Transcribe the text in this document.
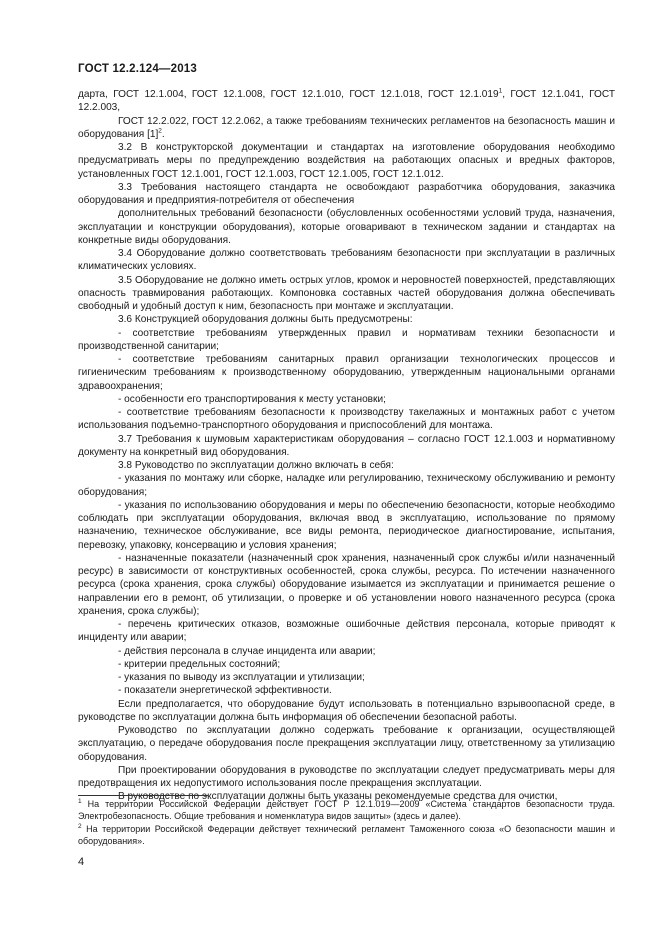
ГОСТ 12.2.124—2013

дарта, ГОСТ 12.1.004, ГОСТ 12.1.008, ГОСТ 12.1.010, ГОСТ 12.1.018, ГОСТ 12.1.019$^1$, ГОСТ 12.1.041, ГОСТ 12.2.003,

ГОСТ 12.2.022, ГОСТ 12.2.062, а также требованиям технических регламентов на безопасность машин и оборудования $[1]^2$.

3.2 В конструкторской документации и стандартах на изготовление оборудования необходимо предусматривать меры по предупреждению воздействия на работающих опасных и вредных факторов, установленных ГОСТ 12.1.001, ГОСТ 12.1.003, ГОСТ 12.1.005, ГОСТ 12.1.012.

3.3 Требования настоящего стандарта не освобождают разработчика оборудования, заказчика оборудования и предприятия-потребителя от обеспечения

дополнительных требований безопасности (обусловленных особенностями условий труда, назначения, эксплуатации и конструкции оборудования), которые оговаривают в техническом задании и стандартах на конкретные виды оборудования.

3.4 Оборудование должно соответствовать требованиям безопасности при эксплуатации в различных климатических условиях.

3.5 Оборудование не должно иметь острых углов, кромок и неровностей поверхностей, представляющих опасность травмирования работающих. Компоновка составных частей оборудования должна обеспечивать свободный и удобный доступ к ним, безопасность при монтаже и эксплуатации.

3.6 Конструкцией оборудования должны быть предусмотрены:

- соответствие требованиям утвержденных правил и нормативам техники безопасности и производственной санитарии;

- соответствие требованиям санитарных правил организации технологических процессов и гигиеническим требованиям к производственному оборудованию, утвержденным национальными органами здравоохранения;

- особенности его транспортирования к месту установки;

- соответствие требованиям безопасности к производству такелажных и монтажных работ с учетом использования подъемно-транспортного оборудования и приспособлений для монтажа.

3.7 Требования к шумовым характеристикам оборудования – согласно ГОСТ 12.1.003 и нормативному документу на конкретный вид оборудования.

3.8 Руководство по эксплуатации должно включать в себя:

- указания по монтажу или сборке, наладке или регулированию, техническому обслуживанию и ремонту оборудования;

- указания по использованию оборудования и меры по обеспечению безопасности, которые необходимо соблюдать при эксплуатации оборудования, включая ввод в эксплуатацию, использование по прямому назначению, техническое обслуживание, все виды ремонта, периодическое диагностирование, испытания, перевозку, упаковку, консервацию и условия хранения;

- назначенные показатели (назначенный срок хранения, назначенный срок службы и/или назначенный ресурс) в зависимости от конструктивных особенностей, срока службы, ресурса. По истечении назначенного ресурса (срока хранения, срока службы) оборудование изымается из эксплуатации и принимается решение о направлении его в ремонт, об утилизации, о проверке и об установлении нового назначенного ресурса (срока хранения, срока службы);

- перечень критических отказов, возможные ошибочные действия персонала, которые приводят к инциденту или аварии;

- действия персонала в случае инцидента или аварии;

- критерии предельных состояний;

- указания по выводу из эксплуатации и утилизации;

- показатели энергетической эффективности.

Если предполагается, что оборудование будут использовать в потенциально взрывоопасной среде, в руководстве по эксплуатации должна быть информация об обеспечении безопасной работы.

Руководство по эксплуатации должно содержать требование к организации, осуществляющей эксплуатацию, о передаче оборудования после прекращения эксплуатации лицу, ответственному за утилизацию оборудования.

При проектировании оборудования в руководстве по эксплуатации следует предусматривать меры для предотвращения их недопустимого использования после прекращения эксплуатации.

В руководстве по эксплуатации должны быть указаны рекомендуемые средства для очистки,

$^1$ На территории Российской Федерации действует ГОСТ Р 12.1.019—2009 «Система стандартов безопасности труда. Электробезопасность. Общие требования и номенклатура видов защиты» (здесь и далее).

$^2$ На территории Российской Федерации действует технический регламент Таможенного союза «О безопасности машин и оборудования».

4
